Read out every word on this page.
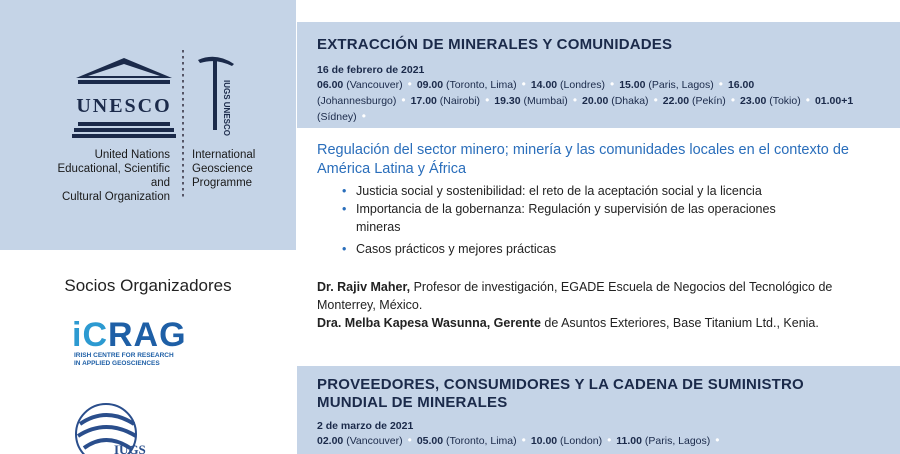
UNESCO	IUGS UNESCO
United Nations
Educational, Scientific and
Cultural Organization
International
Geoscience
Programme
Socios Organizadores
iCRAG
IRISH CENTRE FOR RESEARCH
IN APPLIED GEOSCIENCES
IUGS
EXTRACCIÓN DE MINERALES Y COMUNIDADES
16 de febrero de 2021
06.00 (Vancouver) • 09.00 (Toronto, Lima) • 14.00 (Londres) • 15.00 (Paris, Lagos) • 16.00 (Johannesburgo) • 17.00 (Nairobi) • 19.30 (Mumbai) • 20.00 (Dhaka) • 22.00 (Pekín) • 23.00 (Tokio) • 01.00+1 (Sídney) •
Regulación del sector minero; minería y las comunidades locales en el contexto de América Latina y África
• Justicia social y sostenibilidad: el reto de la aceptación social y la licencia
• Importancia de la gobernanza: Regulación y supervisión de las operaciones mineras
• Casos prácticos y mejores prácticas
Dr. Rajiv Maher, Profesor de investigación, EGADE Escuela de Negocios del Tecnológico de Monterrey, México.
Dra. Melba Kapesa Wasunna, Gerente de Asuntos Exteriores, Base Titanium Ltd., Kenia.
PROVEEDORES, CONSUMIDORES Y LA CADENA DE SUMINISTRO
MUNDIAL DE MINERALES
2 de marzo de 2021
02.00 (Vancouver) • 05.00 (Toronto, Lima) • 10.00 (London) • 11.00 (Paris, Lagos) •
